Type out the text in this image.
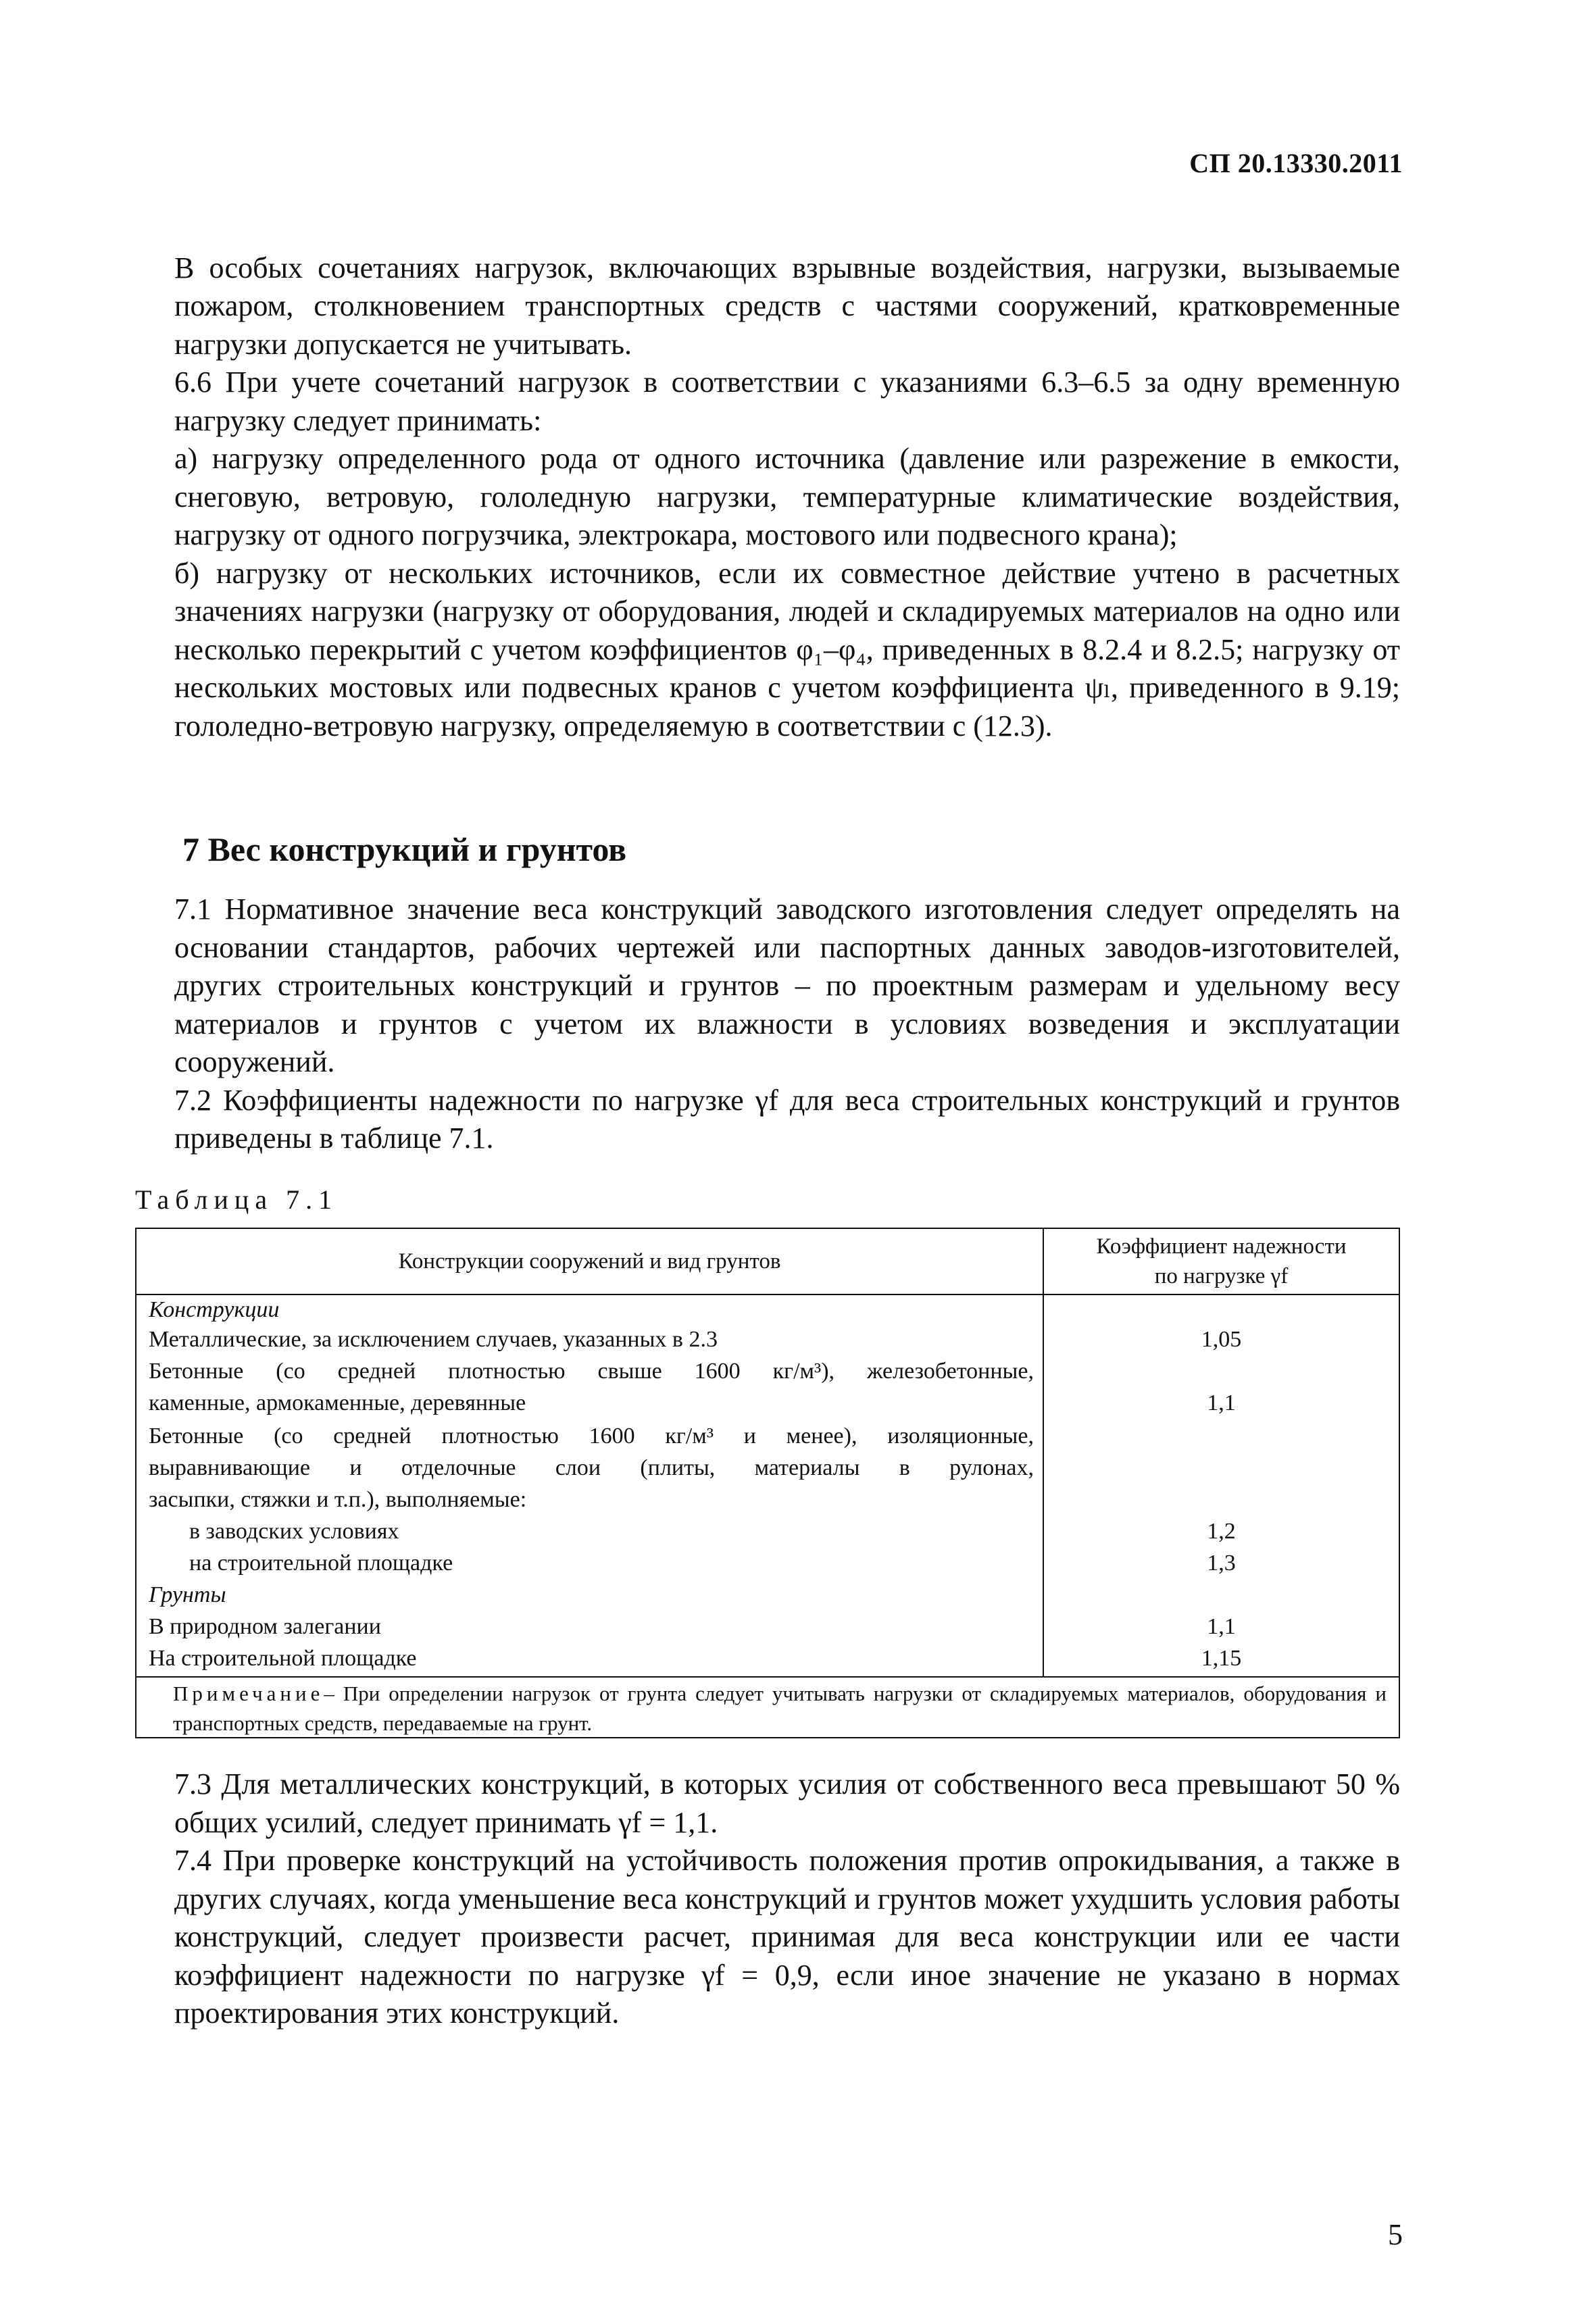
СП 20.13330.2011

В особых сочетаниях нагрузок, включающих взрывные воздействия, нагрузки, вызываемые пожаром, столкновением транспортных средств с частями сооружений, кратковременные нагрузки допускается не учитывать.

6.6 При учете сочетаний нагрузок в соответствии с указаниями 6.3–6.5 за одну временную нагрузку следует принимать:

а) нагрузку определенного рода от одного источника (давление или разрежение в емкости, снеговую, ветровую, гололедную нагрузки, температурные климатические воздействия, нагрузку от одного погрузчика, электрокара, мостового или подвесного крана);

б) нагрузку от нескольких источников, если их совместное действие учтено в расчетных значениях нагрузки (нагрузку от оборудования, людей и складируемых материалов на одно или несколько перекрытий с учетом коэффициентов φ₁–φ₄, приведенных в 8.2.4 и 8.2.5; нагрузку от нескольких мостовых или подвесных кранов с учетом коэффициента ψₗ, приведенного в 9.19; гололедно-ветровую нагрузку, определяемую в соответствии с (12.3).

7 Вес конструкций и грунтов

7.1 Нормативное значение веса конструкций заводского изготовления следует определять на основании стандартов, рабочих чертежей или паспортных данных заводов-изготовителей, других строительных конструкций и грунтов – по проектным размерам и удельному весу материалов и грунтов с учетом их влажности в условиях возведения и эксплуатации сооружений.

7.2 Коэффициенты надежности по нагрузке γf для веса строительных конструкций и грунтов приведены в таблице 7.1.

Таблица 7.1
Конструкции сооружений и вид грунтов
Коэффициент надежности
по нагрузке γf
Конструкции
Металлические, за исключением случаев, указанных в 2.3	1,05
Бетонные (со средней плотностью свыше 1600 кг/м³), железобетонные,
каменные, армокаменные, деревянные	1,1
Бетонные (со средней плотностью 1600 кг/м³ и менее), изоляционные,
выравнивающие и отделочные слои (плиты, материалы в рулонах,
засыпки, стяжки и т.п.), выполняемые:
в заводских условиях	1,2
на строительной площадке	1,3
Грунты
В природном залегании	1,1
На строительной площадке	1,15
Примечание– При определении нагрузок от грунта следует учитывать нагрузки от складируемых материалов, оборудования и транспортных средств, передаваемые на грунт.

7.3 Для металлических конструкций, в которых усилия от собственного веса превышают 50 % общих усилий, следует принимать γf = 1,1.

7.4 При проверке конструкций на устойчивость положения против опрокидывания, а также в других случаях, когда уменьшение веса конструкций и грунтов может ухудшить условия работы конструкций, следует произвести расчет, принимая для веса конструкции или ее части коэффициент надежности по нагрузке γf = 0,9, если иное значение не указано в нормах проектирования этих конструкций.

5
